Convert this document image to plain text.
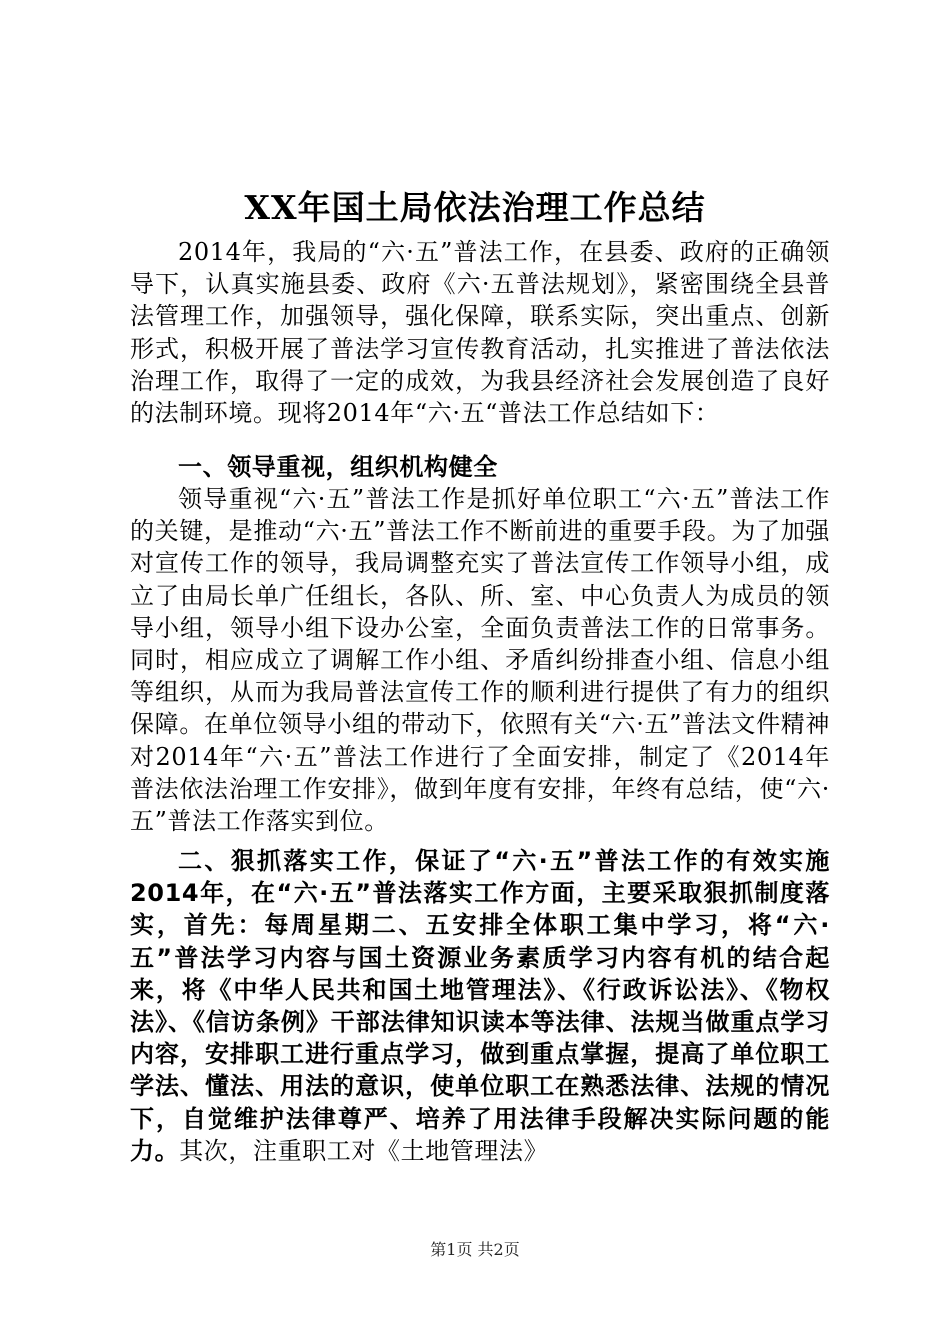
XX年国土局依法治理工作总结

2014年，我局的“六·五”普法工作，在县委、政府的正确领导下，认真实施县委、政府《六·五普法规划》，紧密围绕全县普法管理工作，加强领导，强化保障，联系实际，突出重点、创新形式，积极开展了普法学习宣传教育活动，扎实推进了普法依法治理工作，取得了一定的成效，为我县经济社会发展创造了良好的法制环境。现将2014年“六·五“普法工作总结如下：

一、领导重视，组织机构健全

领导重视“六·五”普法工作是抓好单位职工“六·五”普法工作的关键，是推动“六·五”普法工作不断前进的重要手段。为了加强对宣传工作的领导，我局调整充实了普法宣传工作领导小组，成立了由局长单广任组长，各队、所、室、中心负责人为成员的领导小组，领导小组下设办公室，全面负责普法工作的日常事务。同时，相应成立了调解工作小组、矛盾纠纷排查小组、信息小组等组织，从而为我局普法宣传工作的顺利进行提供了有力的组织保障。在单位领导小组的带动下，依照有关“六·五”普法文件精神对2014年“六·五”普法工作进行了全面安排，制定了《2014年普法依法治理工作安排》，做到年度有安排，年终有总结，使“六·五”普法工作落实到位。

二、狠抓落实工作，保证了“六·五”普法工作的有效实施2014年，在“六·五”普法落实工作方面，主要采取狠抓制度落实，首先：每周星期二、五安排全体职工集中学习，将“六·五”普法学习内容与国土资源业务素质学习内容有机的结合起来，将《中华人民共和国土地管理法》、《行政诉讼法》、《物权法》、《信访条例》干部法律知识读本等法律、法规当做重点学习内容，安排职工进行重点学习，做到重点掌握，提高了单位职工学法、懂法、用法的意识，使单位职工在熟悉法律、法规的情况下，自觉维护法律尊严、培养了用法律手段解决实际问题的能力。其次，注重职工对《土地管理法》

第1页 共2页
